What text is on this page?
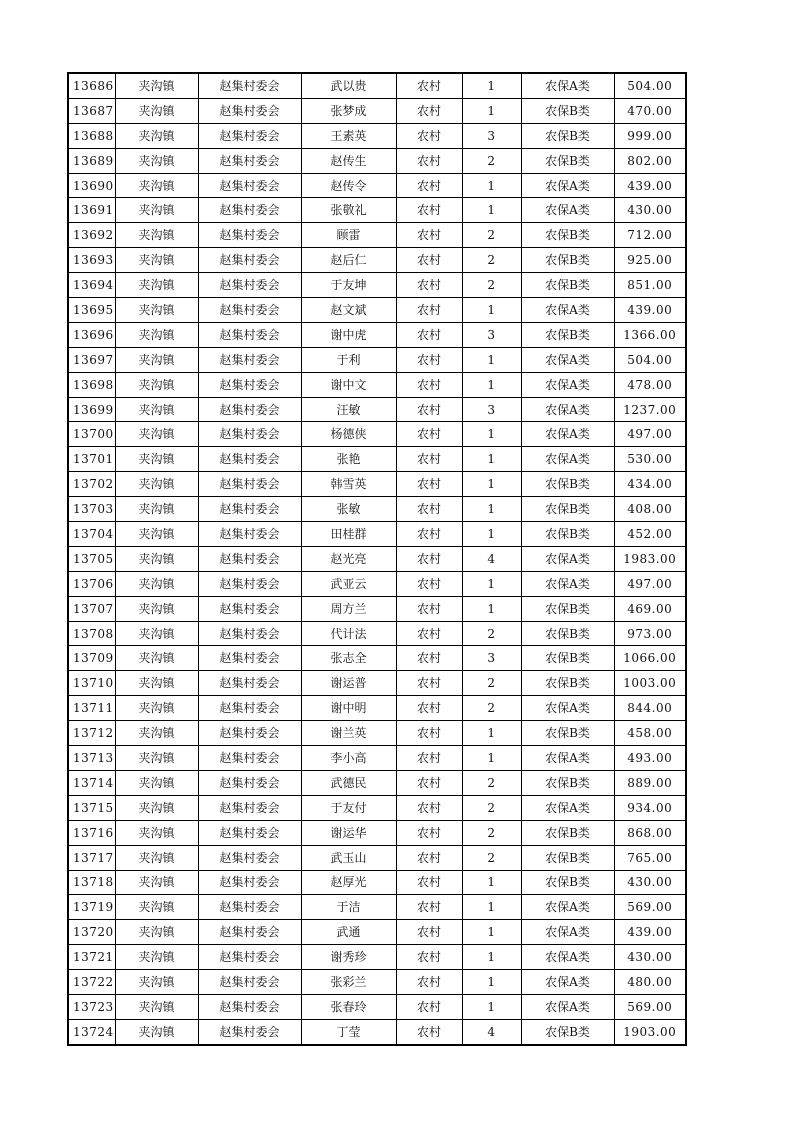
13686	夹沟镇	赵集村委会	武以贵	农村	1	农保A类	504.00
13687	夹沟镇	赵集村委会	张梦成	农村	1	农保B类	470.00
13688	夹沟镇	赵集村委会	王素英	农村	3	农保B类	999.00
13689	夹沟镇	赵集村委会	赵传生	农村	2	农保B类	802.00
13690	夹沟镇	赵集村委会	赵传令	农村	1	农保A类	439.00
13691	夹沟镇	赵集村委会	张敬礼	农村	1	农保A类	430.00
13692	夹沟镇	赵集村委会	顾雷	农村	2	农保B类	712.00
13693	夹沟镇	赵集村委会	赵后仁	农村	2	农保B类	925.00
13694	夹沟镇	赵集村委会	于友坤	农村	2	农保B类	851.00
13695	夹沟镇	赵集村委会	赵文斌	农村	1	农保A类	439.00
13696	夹沟镇	赵集村委会	谢中虎	农村	3	农保B类	1366.00
13697	夹沟镇	赵集村委会	于利	农村	1	农保A类	504.00
13698	夹沟镇	赵集村委会	谢中文	农村	1	农保A类	478.00
13699	夹沟镇	赵集村委会	汪敏	农村	3	农保A类	1237.00
13700	夹沟镇	赵集村委会	杨德侠	农村	1	农保A类	497.00
13701	夹沟镇	赵集村委会	张艳	农村	1	农保A类	530.00
13702	夹沟镇	赵集村委会	韩雪英	农村	1	农保B类	434.00
13703	夹沟镇	赵集村委会	张敏	农村	1	农保B类	408.00
13704	夹沟镇	赵集村委会	田桂群	农村	1	农保B类	452.00
13705	夹沟镇	赵集村委会	赵光亮	农村	4	农保A类	1983.00
13706	夹沟镇	赵集村委会	武亚云	农村	1	农保A类	497.00
13707	夹沟镇	赵集村委会	周方兰	农村	1	农保B类	469.00
13708	夹沟镇	赵集村委会	代计法	农村	2	农保B类	973.00
13709	夹沟镇	赵集村委会	张志全	农村	3	农保B类	1066.00
13710	夹沟镇	赵集村委会	谢运普	农村	2	农保B类	1003.00
13711	夹沟镇	赵集村委会	谢中明	农村	2	农保A类	844.00
13712	夹沟镇	赵集村委会	谢兰英	农村	1	农保B类	458.00
13713	夹沟镇	赵集村委会	李小高	农村	1	农保A类	493.00
13714	夹沟镇	赵集村委会	武德民	农村	2	农保B类	889.00
13715	夹沟镇	赵集村委会	于友付	农村	2	农保A类	934.00
13716	夹沟镇	赵集村委会	谢运华	农村	2	农保B类	868.00
13717	夹沟镇	赵集村委会	武玉山	农村	2	农保B类	765.00
13718	夹沟镇	赵集村委会	赵厚光	农村	1	农保B类	430.00
13719	夹沟镇	赵集村委会	于洁	农村	1	农保A类	569.00
13720	夹沟镇	赵集村委会	武通	农村	1	农保A类	439.00
13721	夹沟镇	赵集村委会	谢秀珍	农村	1	农保A类	430.00
13722	夹沟镇	赵集村委会	张彩兰	农村	1	农保A类	480.00
13723	夹沟镇	赵集村委会	张春玲	农村	1	农保A类	569.00
13724	夹沟镇	赵集村委会	丁莹	农村	4	农保B类	1903.00
